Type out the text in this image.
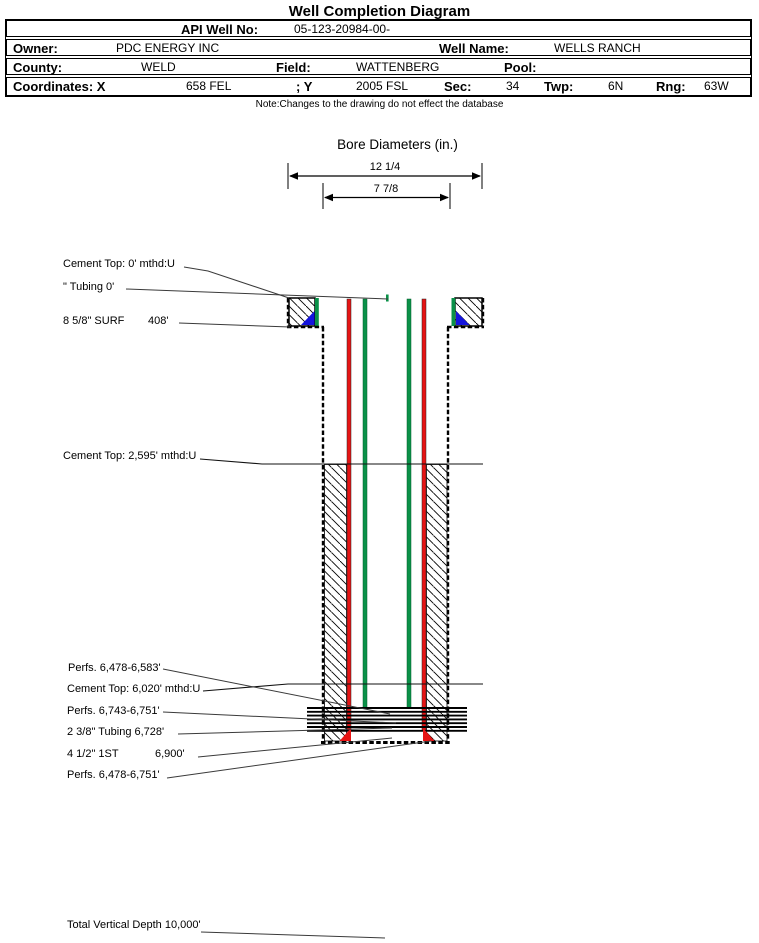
Well Completion Diagram
API Well No:	05-123-20984-00-
Owner:	PDC ENERGY INC	Well Name:	WELLS RANCH
County:	WELD	Field:	WATTENBERG	Pool:
Coordinates: X	658 FEL	; Y	2005 FSL	Sec:	34 Twp:	6N	Rng: 63W
Note:Changes to the drawing do not effect the database
Bore Diameters (in.)
12 1/4
7 7/8
Cement Top: 0' mthd:U
" Tubing 0'
8 5/8" SURF 408'
Cement Top: 2,595' mthd:U
Perfs. 6,478-6,583'
Cement Top: 6,020' mthd:U
Perfs. 6,743-6,751'
2 3/8" Tubing 6,728'
4 1/2" 1ST	6,900'
Perfs. 6,478-6,751'
Total Vertical Depth 10,000'
